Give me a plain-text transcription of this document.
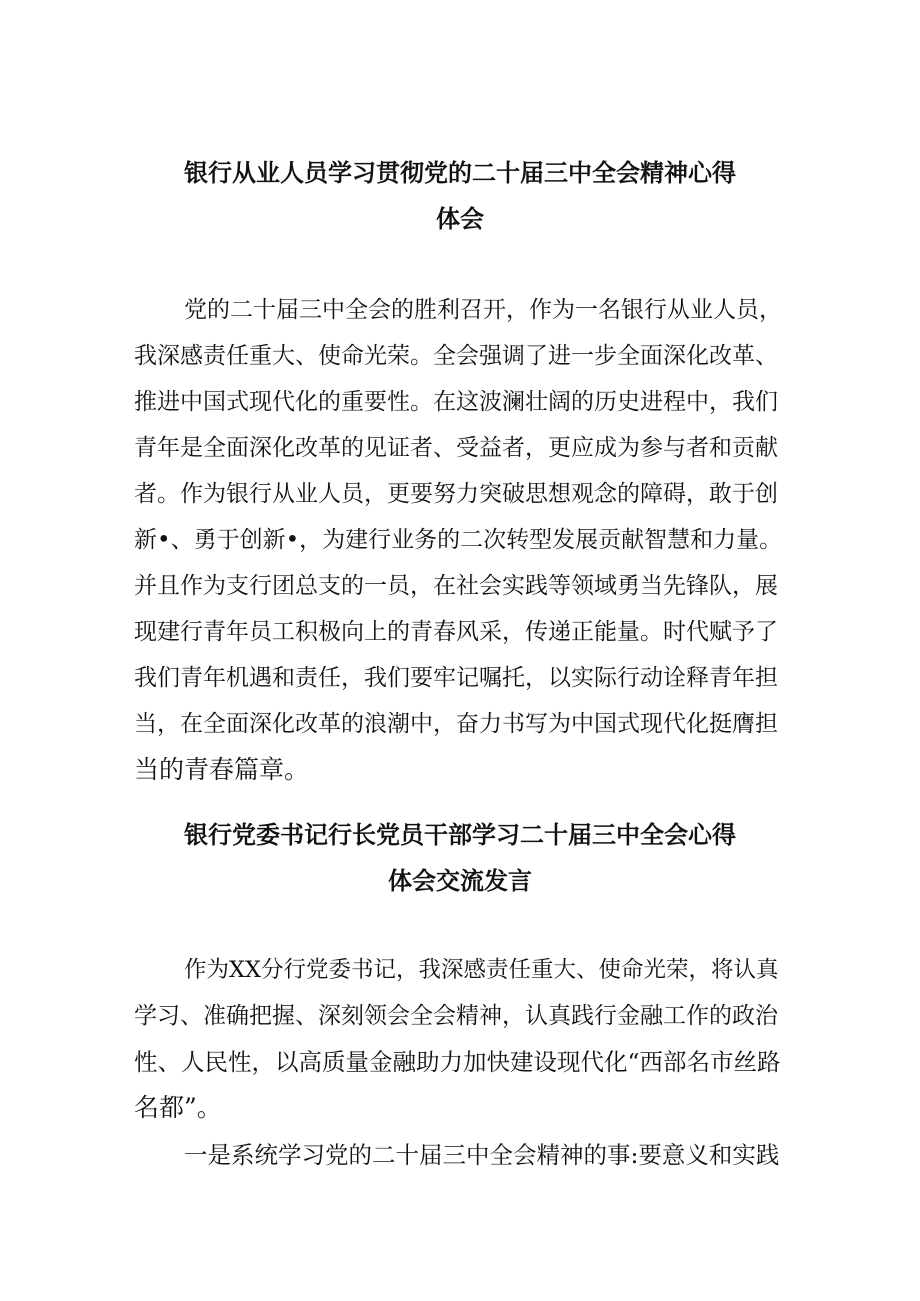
银行从业人员学习贯彻党的二十届三中全会精神心得
体会
党的二十届三中全会的胜利召开，作为一名银行从业人员，
我深感责任重大、使命光荣。全会强调了进一步全面深化改革、
推进中国式现代化的重要性。在这波澜壮阔的历史进程中，我们
青年是全面深化改革的见证者、受益者，更应成为参与者和贡献
者。作为银行从业人员，更要努力突破思想观念的障碍，敢于创
新•、勇于创新•，为建行业务的二次转型发展贡献智慧和力量。
并且作为支行团总支的一员，在社会实践等领域勇当先锋队，展
现建行青年员工积极向上的青春风采，传递正能量。时代赋予了
我们青年机遇和责任，我们要牢记嘱托，以实际行动诠释青年担
当，在全面深化改革的浪潮中，奋力书写为中国式现代化挺膺担
当的青春篇章。
银行党委书记行长党员干部学习二十届三中全会心得
体会交流发言
作为XX分行党委书记，我深感责任重大、使命光荣，将认真
学习、准确把握、深刻领会全会精神，认真践行金融工作的政治
性、人民性，以高质量金融助力加快建设现代化“西部名市丝路
名都”。
一是系统学习党的二十届三中全会精神的事:要意义和实践
